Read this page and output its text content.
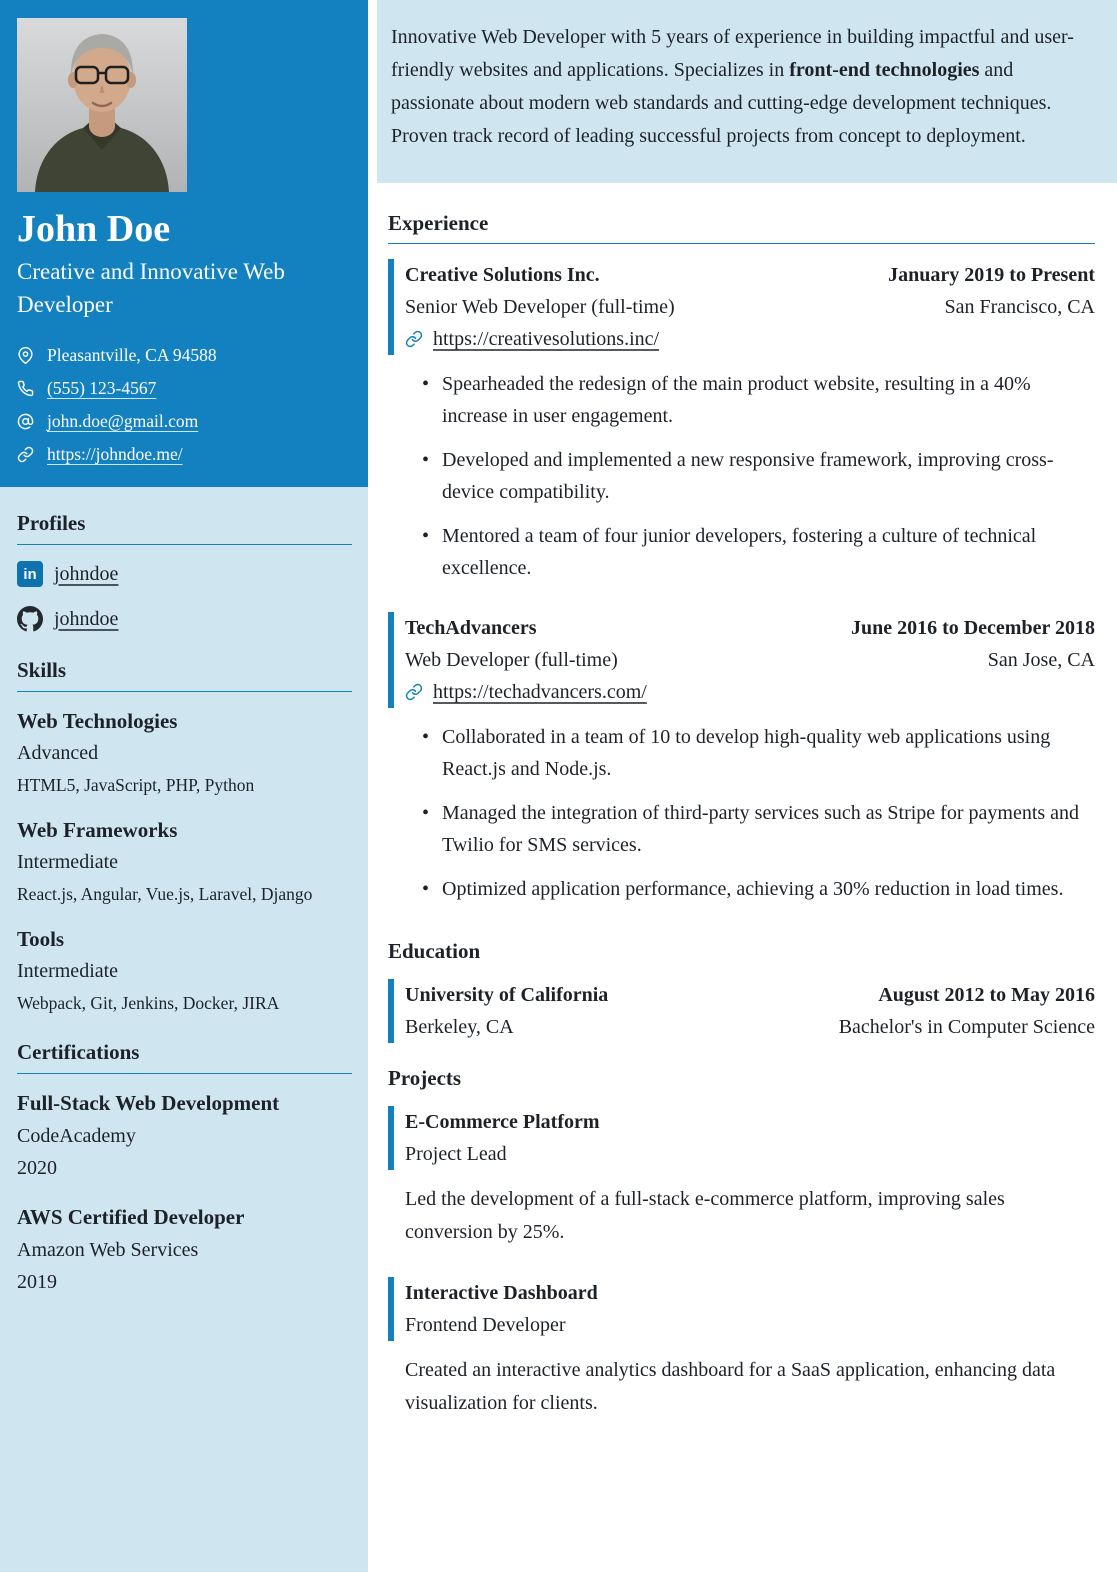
John Doe
Creative and Innovative Web Developer
Pleasantville, CA 94588
(555) 123-4567
john.doe@gmail.com
https://johndoe.me/
Profiles
in johndoe
johndoe
Skills
Web Technologies
Advanced
HTML5, JavaScript, PHP, Python
Web Frameworks
Intermediate
React.js, Angular, Vue.js, Laravel, Django
Tools
Intermediate
Webpack, Git, Jenkins, Docker, JIRA
Certifications
Full-Stack Web Development
CodeAcademy
2020
AWS Certified Developer
Amazon Web Services
2019
Innovative Web Developer with 5 years of experience in building impactful and user-friendly websites and applications. Specializes in front-end technologies and passionate about modern web standards and cutting-edge development techniques. Proven track record of leading successful projects from concept to deployment.
Experience
Creative Solutions Inc.	January 2019 to Present
Senior Web Developer (full-time)	San Francisco, CA
https://creativesolutions.inc/
• Spearheaded the redesign of the main product website, resulting in a 40% increase in user engagement.
• Developed and implemented a new responsive framework, improving cross-device compatibility.
• Mentored a team of four junior developers, fostering a culture of technical excellence.
TechAdvancers	June 2016 to December 2018
Web Developer (full-time)	San Jose, CA
https://techadvancers.com/
• Collaborated in a team of 10 to develop high-quality web applications using React.js and Node.js.
• Managed the integration of third-party services such as Stripe for payments and Twilio for SMS services.
• Optimized application performance, achieving a 30% reduction in load times.
Education
University of California	August 2012 to May 2016
Berkeley, CA	Bachelor's in Computer Science
Projects
E-Commerce Platform
Project Lead
Led the development of a full-stack e-commerce platform, improving sales conversion by 25%.
Interactive Dashboard
Frontend Developer
Created an interactive analytics dashboard for a SaaS application, enhancing data visualization for clients.
